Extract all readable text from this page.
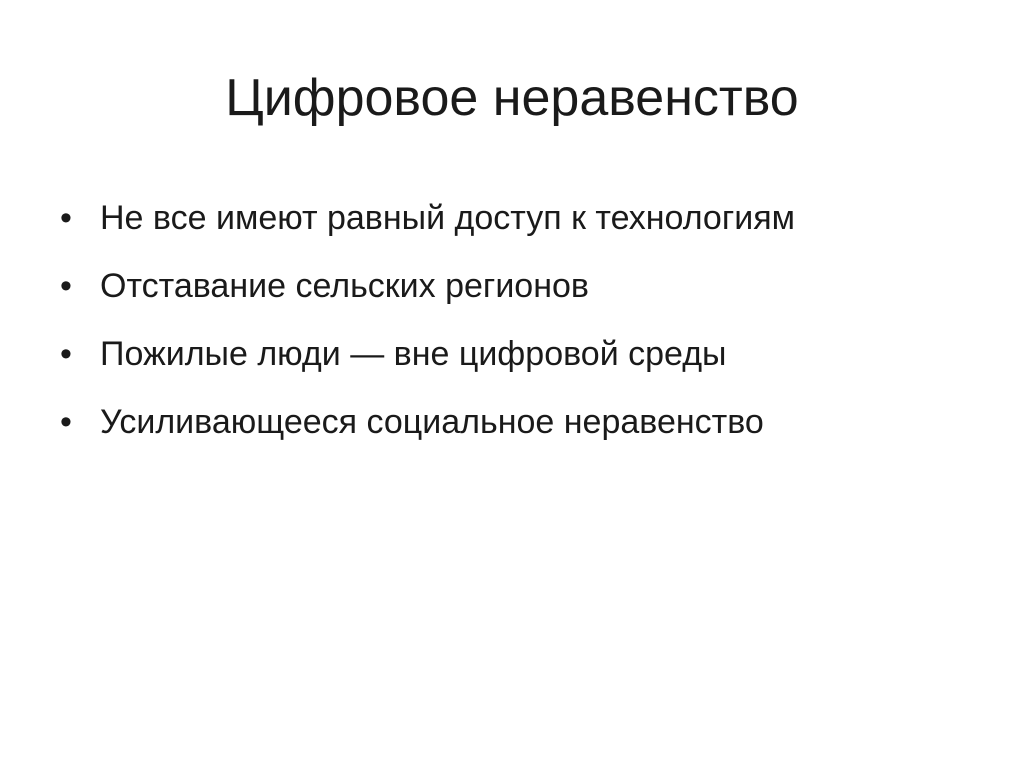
Цифровое неравенство
• Не все имеют равный доступ к технологиям
• Отставание сельских регионов
• Пожилые люди — вне цифровой среды
• Усиливающееся социальное неравенство
